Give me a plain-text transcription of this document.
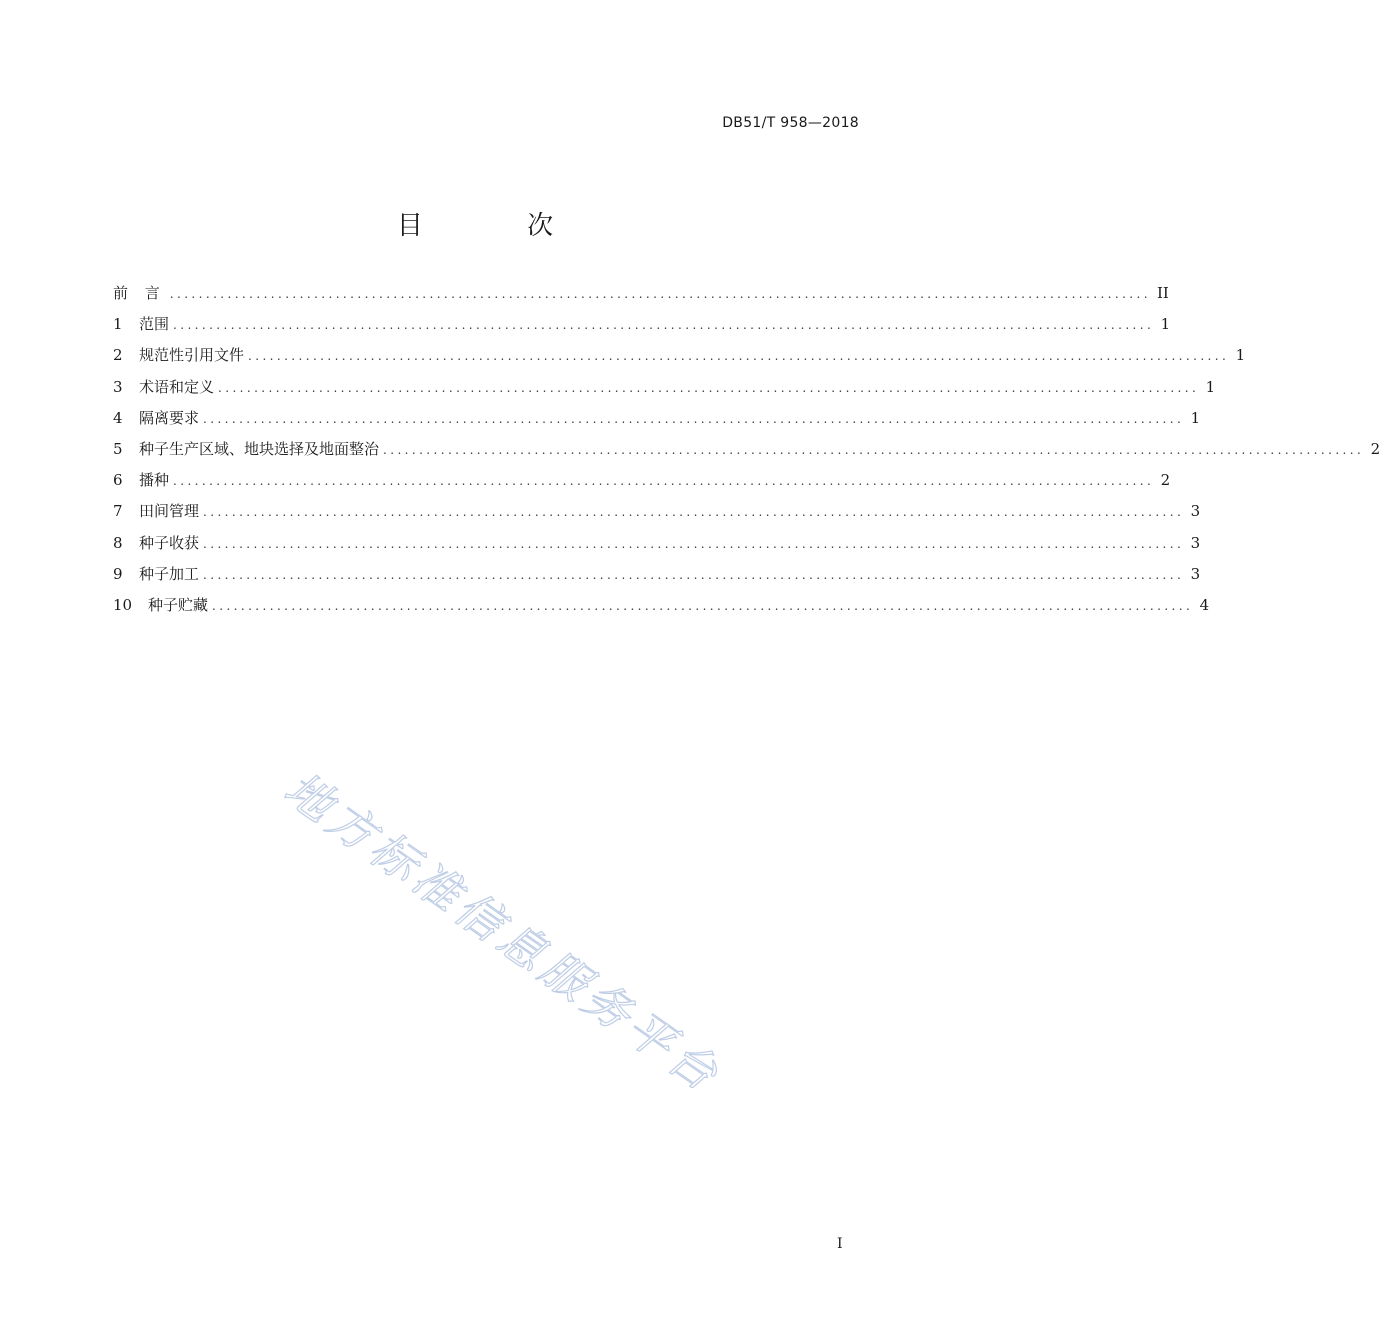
DB51/T 958—2018
目 次
前 言 ........................................................................................................................................ II
1	范围 ........................................................................................................................................ 1
2	规范性引用文件 ........................................................................................................................................ 1
3	术语和定义 ........................................................................................................................................ 1
4	隔离要求 ........................................................................................................................................ 1
5	种子生产区域、地块选择及地面整治 ........................................................................................................................................ 2
6	播种 ........................................................................................................................................ 2
7	田间管理 ........................................................................................................................................ 3
8	种子收获 ........................................................................................................................................ 3
9	种子加工 ........................................................................................................................................ 3
10	种子贮藏 ........................................................................................................................................ 4
地方标准信息服务平台
I
